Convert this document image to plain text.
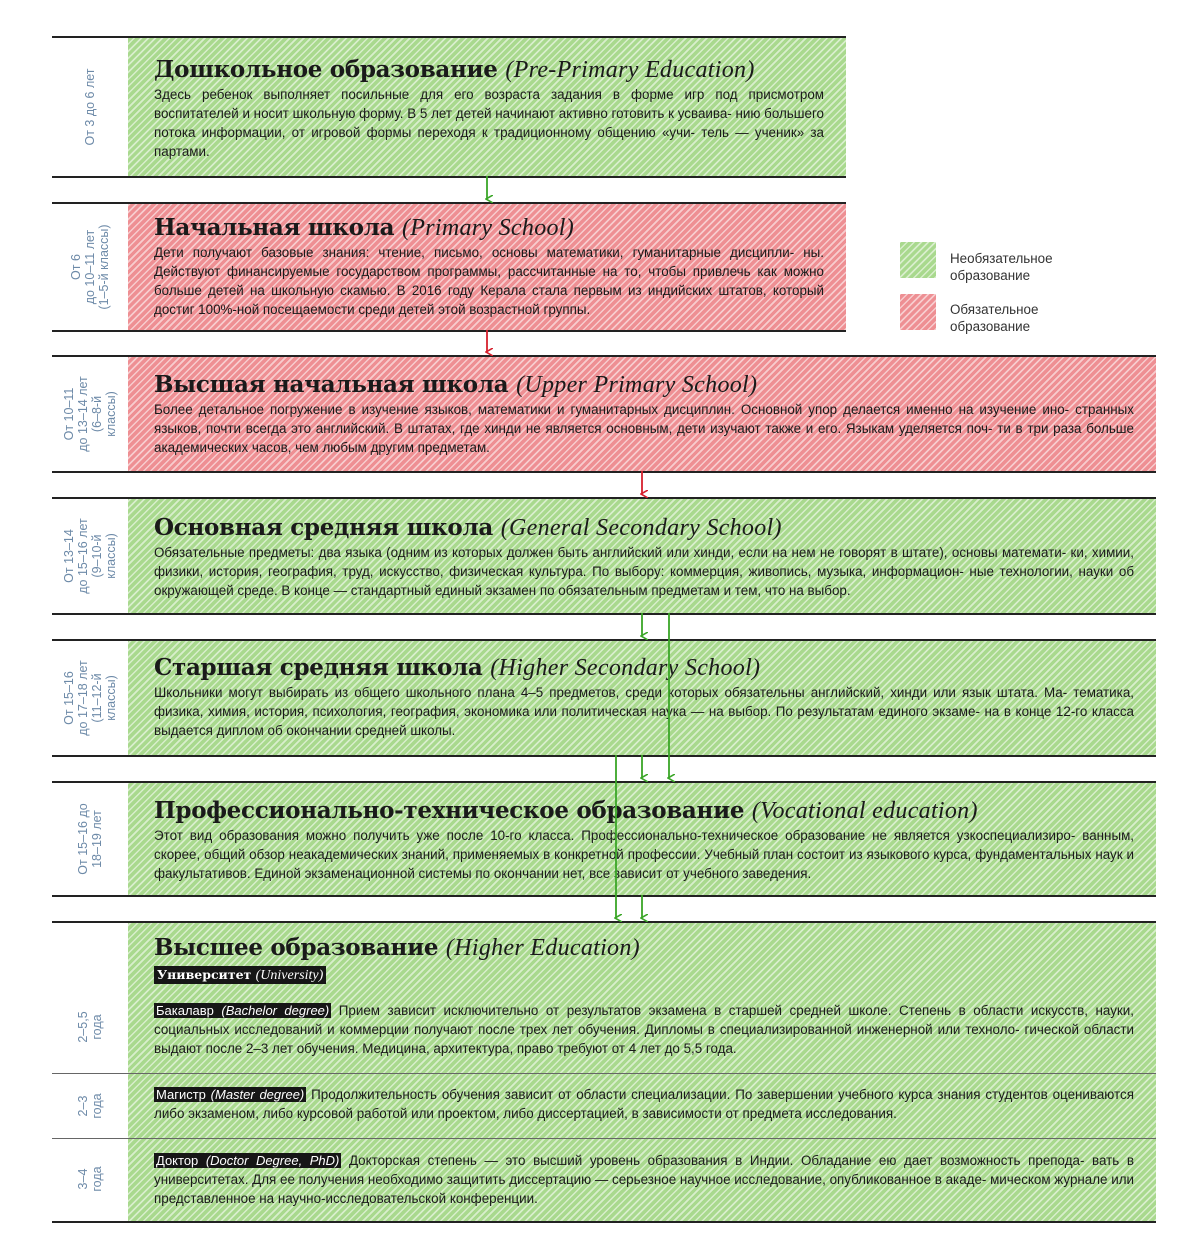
От 3 до 6 лет Дошкольное образование (Pre-Primary Education)
Здесь ребенок выполняет посильные для его возраста задания в форме игр под присмотром воспитателей и носит школьную форму. В 5 лет детей начинают активно готовить к усваива- нию большего потока информации, от игровой формы переходя к традиционному общению «учи- тель — ученик» за партами.
От 6
до 10–11 лет
(1–5-й классы) Начальная школа (Primary School)
Дети получают базовые знания: чтение, письмо, основы математики, гуманитарные дисципли- ны. Действуют финансируемые государством программы, рассчитанные на то, чтобы привлечь как можно больше детей на школьную скамью. В 2016 году Керала стала первым из индийских штатов, который достиг 100%-ной посещаемости среди детей этой возрастной группы.
Необязательное
образование
Обязательное
образование
От 10–11
до 13–14 лет
(6–8-й
классы)
Высшая начальная школа (Upper Primary School)
Более детальное погружение в изучение языков, математики и гуманитарных дисциплин. Основной упор делается именно на изучение ино- странных языков, почти всегда это английский. В штатах, где хинди не является основным, дети изучают также и его. Языкам уделяется поч- ти в три раза больше академических часов, чем любым другим предметам.
От 13–14
до 15–16 лет
(9–10-й
классы)
Основная средняя школа (General Secondary School)
Обязательные предметы: два языка (одним из которых должен быть английский или хинди, если на нем не говорят в штате), основы математи- ки, химии, физики, история, география, труд, искусство, физическая культура. По выбору: коммерция, живопись, музыка, информацион- ные технологии, науки об окружающей среде. В конце — стандартный единый экзамен по обязательным предметам и тем, что на выбор.
От 15–16
до 17–18 лет
(11–12-й
классы)
Старшая средняя школа (Higher Secondary School)
Школьники могут выбирать из общего школьного плана 4–5 предметов, среди которых обязательны английский, хинди или язык штата. Ма- тематика, физика, химия, история, психология, география, экономика или политическая наука — на выбор. По результатам единого экзаме- на в конце 12-го класса выдается диплом об окончании средней школы.
От 15–16 до
18–19 лет Профессионально-техническое образование (Vocational education)
Этот вид образования можно получить уже после 10-го класса. Профессионально-техническое образование не является узкоспециализиро- ванным, скорее, общий обзор неакадемических знаний, применяемых в конкретной профессии. Учебный план состоит из языкового курса, фундаментальных наук и факультативов. Единой экзаменационной системы по окончании нет, все зависит от учебного заведения.
Высшее образование (Higher Education)
Университет (University)
2–5,5
года
Бакалавр (Bachelor degree) Прием зависит исключительно от результатов экзамена в старшей средней школе. Степень в области искусств, науки, социальных исследований и коммерции получают после трех лет обучения. Дипломы в специализированной инженерной или техноло- гической области выдают после 2–3 лет обучения. Медицина, архитектура, право требуют от 4 лет до 5,5 года.
2–3
года	Магистр (Master degree) Продолжительность обучения зависит от области специализации. По завершении учебного курса знания студентов оцениваются либо экзаменом, либо курсовой работой или проектом, либо диссертацией, в зависимости от предмета исследования.
3–4
года
Доктор (Doctor Degree, PhD) Докторская степень — это высший уровень образования в Индии. Обладание ею дает возможность препода- вать в университетах. Для ее получения необходимо защитить диссертацию — серьезное научное исследование, опубликованное в акаде- мическом журнале или представленное на научно-исследовательской конференции.
